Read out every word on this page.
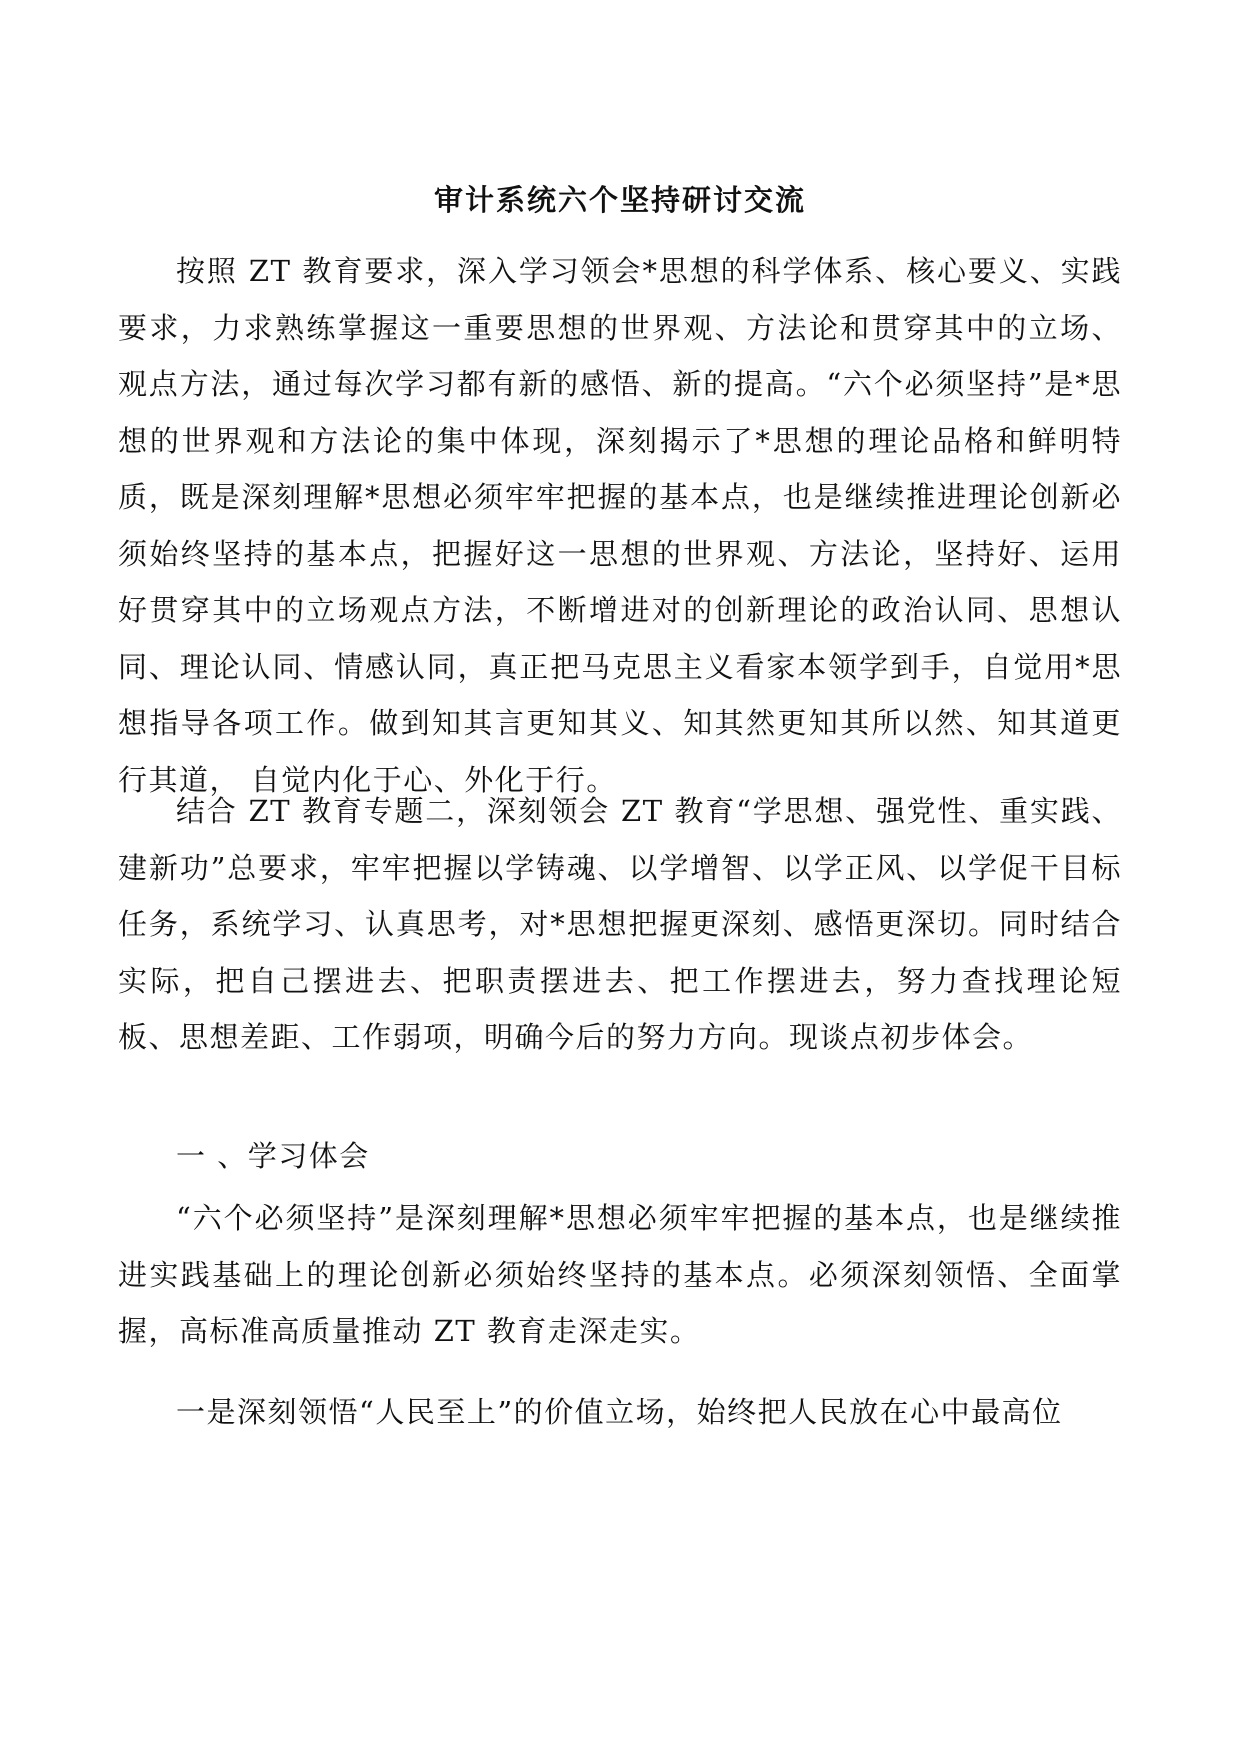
审计系统六个坚持研讨交流

按照 ZT 教育要求，深入学习领会*思想的科学体系、核心要义、实践要求，力求熟练掌握这一重要思想的世界观、方法论和贯穿其中的立场、观点方法，通过每次学习都有新的感悟、新的提高。“六个必须坚持”是*思想的世界观和方法论的集中体现，深刻揭示了*思想的理论品格和鲜明特质，既是深刻理解*思想必须牢牢把握的基本点，也是继续推进理论创新必须始终坚持的基本点，把握好这一思想的世界观、方法论，坚持好、运用好贯穿其中的立场观点方法，不断增进对的创新理论的政治认同、思想认同、理论认同、情感认同，真正把马克思主义看家本领学到手，自觉用*思想指导各项工作。做到知其言更知其义、知其然更知其所以然、知其道更行其道， 自觉内化于心、外化于行。

结合 ZT 教育专题二，深刻领会 ZT 教育“学思想、强党性、重实践、建新功”总要求，牢牢把握以学铸魂、以学增智、以学正风、以学促干目标任务，系统学习、认真思考，对*思想把握更深刻、感悟更深切。同时结合实际，把自己摆进去、把职责摆进去、把工作摆进去，努力查找理论短板、思想差距、工作弱项，明确今后的努力方向。现谈点初步体会。

一 、学习体会

“六个必须坚持”是深刻理解*思想必须牢牢把握的基本点，也是继续推进实践基础上的理论创新必须始终坚持的基本点。必须深刻领悟、全面掌握，高标准高质量推动 ZT 教育走深走实。

一是深刻领悟“人民至上”的价值立场，始终把人民放在心中最高位
